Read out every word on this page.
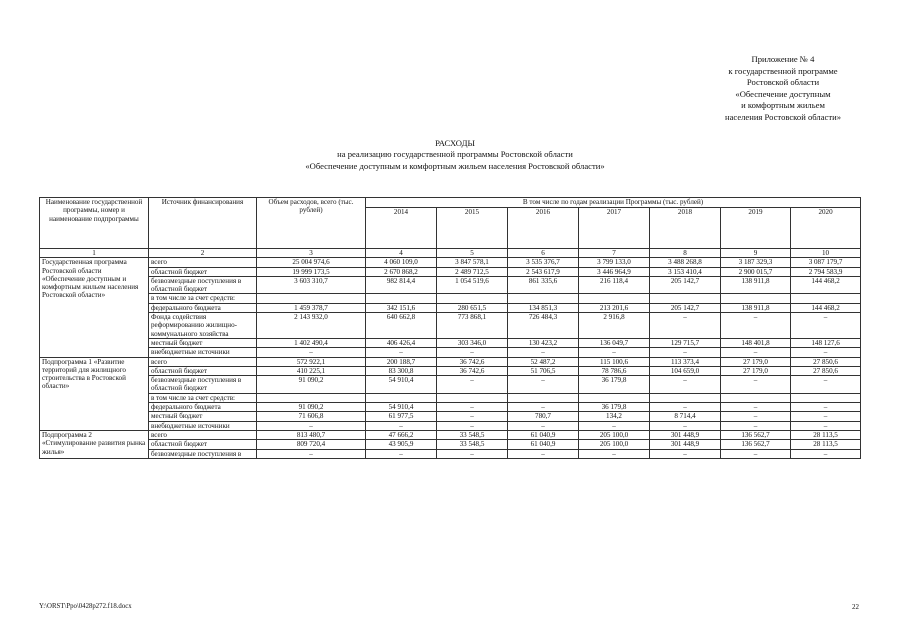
Приложение № 4
к государственной программе
Ростовской области
«Обеспечение доступным
и комфортным жильем
населения Ростовской области»
РАСХОДЫ
на реализацию государственной программы Ростовской области
«Обеспечение доступным и комфортным жильем населения Ростовской области»
Наименование государственной программы, номер и наименование подпрограммы	Источник финансирования	Объем расходов, всего (тыс. рублей)	В том числе по годам реализации Программы (тыс. рублей)						
			2014	2015	2016	2017	2018	2019	2020
1	2	3	4	5	6	7	8	9	10
Государственная программа Ростовской области «Обеспечение доступным и комфортным жильем населения Ростовской области»	всего	25 004 974,6	4 060 109,0	3 847 578,1	3 535 376,7	3 799 133,0	3 488 268,8	3 187 329,3	3 087 179,7
	областной бюджет	19 999 173,5	2 670 868,2	2 489 712,5	2 543 617,9	3 446 964,9	3 153 410,4	2 900 015,7	2 794 583,9
	безвозмездные поступления в областной бюджет	3 603 310,7	982 814,4	1 054 519,6	861 335,6	216 118,4	205 142,7	138 911,8	144 468,2
	в том числе за счет средств:								
	федерального бюджета	1 459 378,7	342 151,6	280 651,5	134 851,3	213 201,6	205 142,7	138 911,8	144 468,2
	Фонда содействия реформированию жилищно-коммунального хозяйства	2 143 932,0	640 662,8	773 868,1	726 484,3	2 916,8	–	–	–
	местный бюджет	1 402 490,4	406 426,4	303 346,0	130 423,2	136 049,7	129 715,7	148 401,8	148 127,6
	внебюджетные источники	–	–	–	–	–	–	–	–
Подпрограмма 1 «Развитие территорий для жилищного строительства в Ростовской области»	всего	572 922,1	200 188,7	36 742,6	52 487,2	115 100,6	113 373,4	27 179,0	27 850,6
	областной бюджет	410 225,1	83 300,8	36 742,6	51 706,5	78 786,6	104 659,0	27 179,0	27 850,6
	безвозмездные поступления в областной бюджет	91 090,2	54 910,4	–	–	36 179,8	–	–	–
	в том числе за счет средств:								
	федерального бюджета	91 090,2	54 910,4	–	–	36 179,8	–	–	–
	местный бюджет	71 606,8	61 977,5	–	780,7	134,2	8 714,4	–	–
	внебюджетные источники	–	–	–	–	–	–	–	–
Подпрограмма 2 «Стимулирование развития рынка жилья»	всего	813 480,7	47 666,2	33 548,5	61 040,9	205 100,0	301 448,9	136 562,7	28 113,5
	областной бюджет	809 720,4	43 905,9	33 548,5	61 040,9	205 100,0	301 448,9	136 562,7	28 113,5
	безвозмездные поступления в	–	–	–	–	–	–	–	–
Y:\ORST\Ppo\0428p272.f18.docx	22
